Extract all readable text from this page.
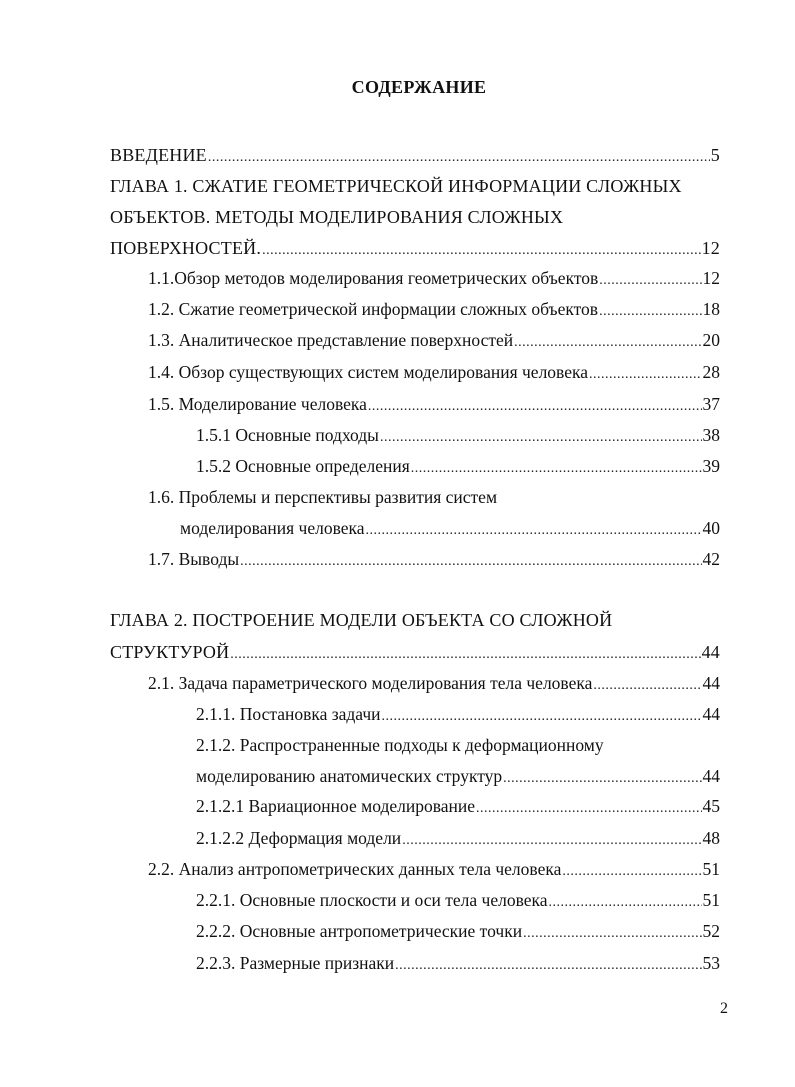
СОДЕРЖАНИЕ
ВВЕДЕНИЕ .....	5
ГЛАВА 1. СЖАТИЕ ГЕОМЕТРИЧЕСКОЙ ИНФОРМАЦИИ СЛОЖНЫХ
ОБЪЕКТОВ. МЕТОДЫ МОДЕЛИРОВАНИЯ СЛОЖНЫХ
ПОВЕРХНОСТЕЙ. .....	12
1.1.Обзор методов моделирования геометрических объектов .....	12
1.2. Сжатие геометрической информации сложных объектов .....	18
1.3. Аналитическое представление поверхностей .....	20
1.4. Обзор существующих систем моделирования человека .....	28
1.5. Моделирование человека .....	37
1.5.1 Основные подходы .....	38
1.5.2 Основные определения .....	39
1.6. Проблемы и перспективы развития систем
моделирования человека .....	40
1.7. Выводы .....	42
ГЛАВА 2. ПОСТРОЕНИЕ МОДЕЛИ ОБЪЕКТА СО СЛОЖНОЙ
СТРУКТУРОЙ .....	44
2.1. Задача параметрического моделирования тела человека .....	44
2.1.1. Постановка задачи .....	44
2.1.2. Распространенные подходы к деформационному
моделированию анатомических структур .....	44
2.1.2.1 Вариационное моделирование .....	45
2.1.2.2 Деформация модели .....	48
2.2. Анализ антропометрических данных тела человека .....	51
2.2.1. Основные плоскости и оси тела человека .....	51
2.2.2. Основные антропометрические точки .....	52
2.2.3. Размерные признаки .....	53
2
